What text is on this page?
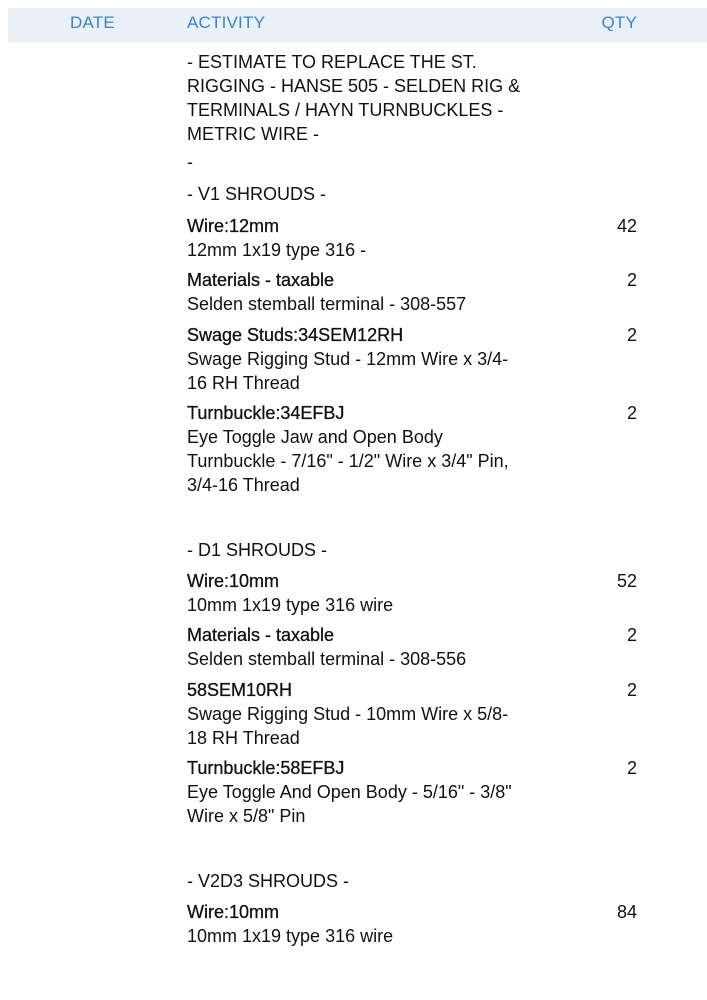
DATE	ACTIVITY	QTY
- ESTIMATE TO REPLACE THE ST. RIGGING - HANSE 505 - SELDEN RIG & TERMINALS / HAYN TURNBUCKLES - METRIC WIRE -
-
- V1 SHROUDS -
Wire:12mm
12mm 1x19 type 316 -
42
Materials - taxable
Selden stemball terminal - 308-557
2
Swage Studs:34SEM12RH
Swage Rigging Stud - 12mm Wire x 3/4-16 RH Thread
2
Turnbuckle:34EFBJ
Eye Toggle Jaw and Open Body Turnbuckle - 7/16" - 1/2" Wire x 3/4" Pin, 3/4-16 Thread
2
- D1 SHROUDS -
Wire:10mm
10mm 1x19 type 316 wire
52
Materials - taxable
Selden stemball terminal - 308-556
2
58SEM10RH
Swage Rigging Stud - 10mm Wire x 5/8-18 RH Thread
2
Turnbuckle:58EFBJ
Eye Toggle And Open Body - 5/16" - 3/8" Wire x 5/8" Pin
2
- V2D3 SHROUDS -
Wire:10mm
10mm 1x19 type 316 wire
84
